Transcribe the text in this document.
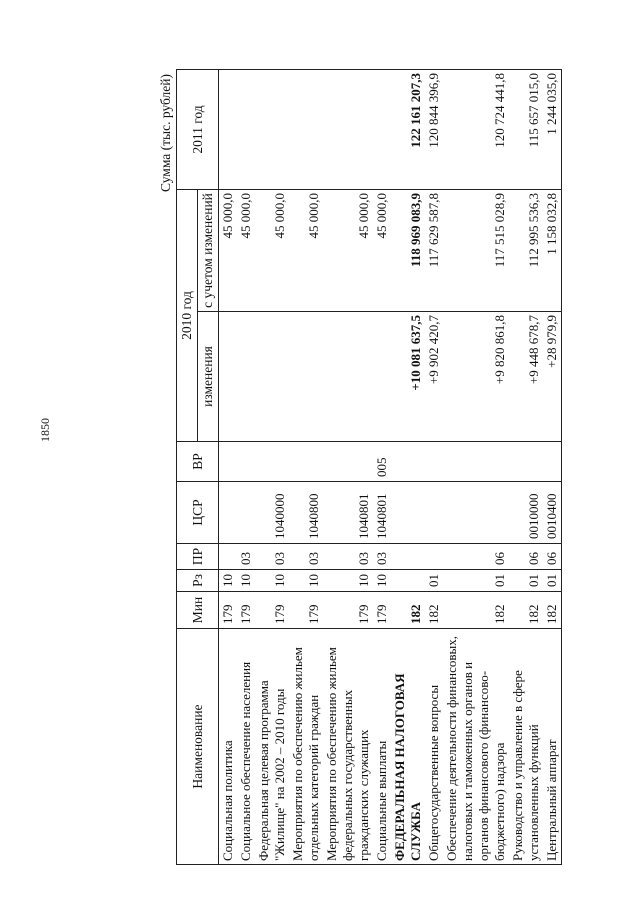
1850
Сумма (тыс. рублей)
Наименование	Мин	Рз	ПР	ЦСР	ВР	2010 год		2011 год
						изменения	с учетом изменений	
Социальная политика	179	10					45 000,0	
Социальное обеспечение населения	179	10	03				45 000,0	
Федеральная целевая программа "Жилище" на 2002 – 2010 годы	179	10	03	1040000			45 000,0	
Мероприятия по обеспечению жильем отдельных категорий граждан	179	10	03	1040800			45 000,0	
Мероприятия по обеспечению жильем федеральных государственных гражданских служащих	179	10	03	1040801			45 000,0	
Социальные выплаты	179	10	03	1040801	005		45 000,0	
ФЕДЕРАЛЬНАЯ НАЛОГОВАЯ СЛУЖБА	182					+10 081 637,5	118 969 083,9	122 161 207,3
Общегосударственные вопросы	182	01				+9 902 420,7	117 629 587,8	120 844 396,9
Обеспечение деятельности финансовых, налоговых и таможенных органов и органов финансового (финансово-бюджетного) надзора	182	01	06			+9 820 861,8	117 515 028,9	120 724 441,8
Руководство и управление в сфере установленных функций	182	01	06	0010000		+9 448 678,7	112 995 536,3	115 657 015,0
Центральный аппарат	182	01	06	0010400		+28 979,9	1 158 032,8	1 244 035,0
